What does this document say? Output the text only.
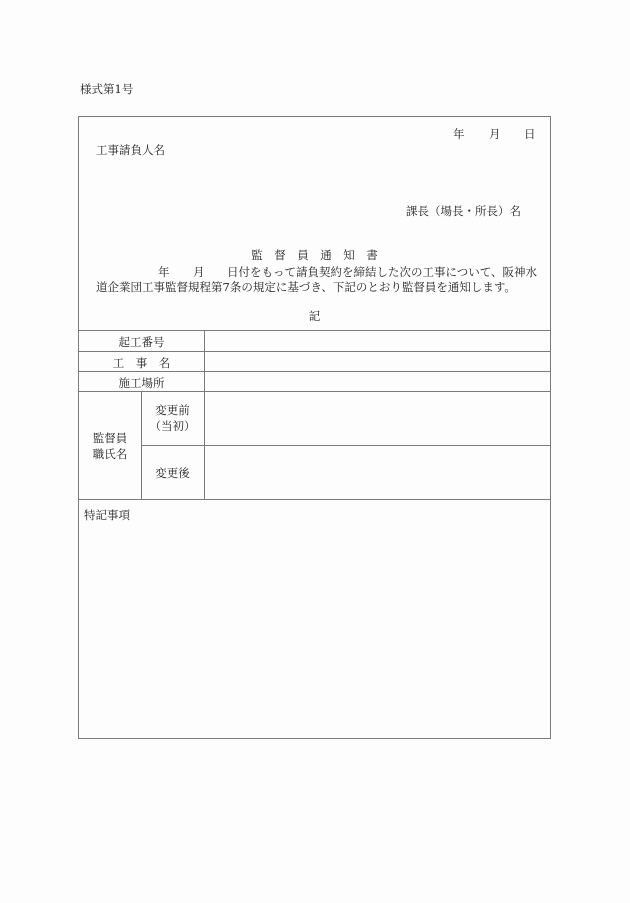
様式第1号
年 月 日
工事請負人名
課長（場長・所長）名
監　督　員　通　知　書
年 月 日付をもって請負契約を締結した次の工事について、阪神水
道企業団工事監督規程第7条の規定に基づき、下記のとおり監督員を通知します。
記
起工番号
工　事　名
施工場所
監督員
職氏名
変更前
（当初）
変更後
特記事項
